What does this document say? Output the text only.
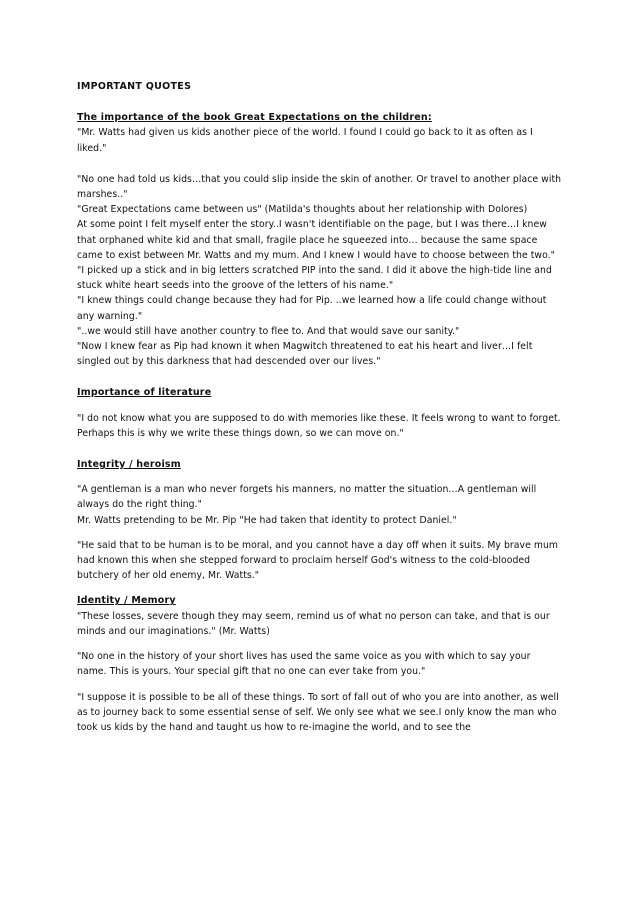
IMPORTANT QUOTES

The importance of the book Great Expectations on the children:

"Mr. Watts had given us kids another piece of the world. I found I could go back to it as often as I liked."

"No one had told us kids…that you could slip inside the skin of another. Or travel to another place with marshes.."

"Great Expectations came between us" (Matilda's thoughts about her relationship with Dolores)

At some point I felt myself enter the story..I wasn't identifiable on the page, but I was there…I knew that orphaned white kid and that small, fragile place he squeezed into… because the same space came to exist between Mr. Watts and my mum. And I knew I would have to choose between the two."

"I picked up a stick and in big letters scratched PIP into the sand. I did it above the high-tide line and stuck white heart seeds into the groove of the letters of his name."

"I knew things could change because they had for Pip. ..we learned how a life could change without any warning."

"..we would still have another country to flee to. And that would save our sanity."

"Now I knew fear as Pip had known it when Magwitch threatened to eat his heart and liver…I felt singled out by this darkness that had descended over our lives."

Importance of literature

"I do not know what you are supposed to do with memories like these. It feels wrong to want to forget. Perhaps this is why we write these things down, so we can move on."

Integrity / heroism

"A gentleman is a man who never forgets his manners, no matter the situation…A gentleman will always do the right thing."

Mr. Watts pretending to be Mr. Pip "He had taken that identity to protect Daniel."

"He said that to be human is to be moral, and you cannot have a day off when it suits. My brave mum had known this when she stepped forward to proclaim herself God's witness to the cold-blooded butchery of her old enemy, Mr. Watts."

Identity / Memory

"These losses, severe though they may seem, remind us of what no person can take, and that is our minds and our imaginations." (Mr. Watts)

"No one in the history of your short lives has used the same voice as you with which to say your name. This is yours. Your special gift that no one can ever take from you."

"I suppose it is possible to be all of these things. To sort of fall out of who you are into another, as well as to journey back to some essential sense of self. We only see what we see.I only know the man who took us kids by the hand and taught us how to re-imagine the world, and to see the
